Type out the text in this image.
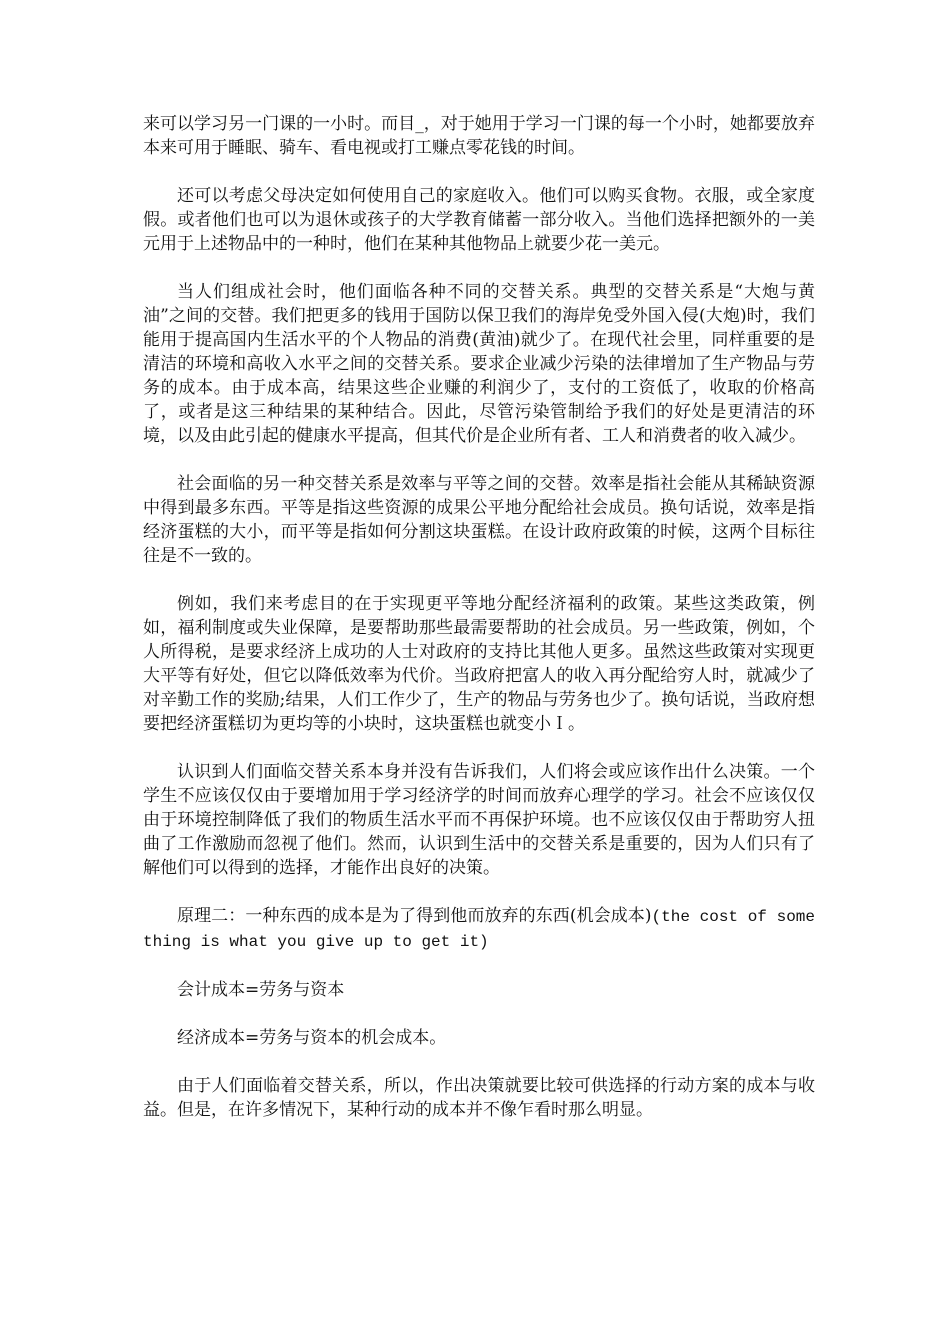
来可以学习另一门课的一小时。而目_，对于她用于学习一门课的每一个小时，她都要放弃本来可用于睡眠、骑车、看电视或打工赚点零花钱的时间。

还可以考虑父母决定如何使用自己的家庭收入。他们可以购买食物。衣服，或全家度假。或者他们也可以为退休或孩子的大学教育储蓄一部分收入。当他们选择把额外的一美元用于上述物品中的一种时，他们在某种其他物品上就要少花一美元。

当人们组成社会时，他们面临各种不同的交替关系。典型的交替关系是“大炮与黄油”之间的交替。我们把更多的钱用于国防以保卫我们的海岸免受外国入侵(大炮)时，我们能用于提高国内生活水平的个人物品的消费(黄油)就少了。在现代社会里，同样重要的是清洁的环境和高收入水平之间的交替关系。要求企业减少污染的法律增加了生产物品与劳务的成本。由于成本高，结果这些企业赚的利润少了，支付的工资低了，收取的价格高了，或者是这三种结果的某种结合。因此，尽管污染管制给予我们的好处是更清洁的环境，以及由此引起的健康水平提高，但其代价是企业所有者、工人和消费者的收入减少。

社会面临的另一种交替关系是效率与平等之间的交替。效率是指社会能从其稀缺资源中得到最多东西。平等是指这些资源的成果公平地分配给社会成员。换句话说，效率是指经济蛋糕的大小，而平等是指如何分割这块蛋糕。在设计政府政策的时候，这两个目标往往是不一致的。

例如，我们来考虑目的在于实现更平等地分配经济福利的政策。某些这类政策，例如，福利制度或失业保障，是要帮助那些最需要帮助的社会成员。另一些政策，例如，个人所得税，是要求经济上成功的人士对政府的支持比其他人更多。虽然这些政策对实现更大平等有好处，但它以降低效率为代价。当政府把富人的收入再分配给穷人时，就减少了对辛勤工作的奖励;结果，人们工作少了，生产的物品与劳务也少了。换句话说，当政府想要把经济蛋糕切为更均等的小块时，这块蛋糕也就变小Ｉ。

认识到人们面临交替关系本身并没有告诉我们，人们将会或应该作出什么决策。一个学生不应该仅仅由于要增加用于学习经济学的时间而放弃心理学的学习。社会不应该仅仅由于环境控制降低了我们的物质生活水平而不再保护环境。也不应该仅仅由于帮助穷人扭曲了工作激励而忽视了他们。然而，认识到生活中的交替关系是重要的，因为人们只有了解他们可以得到的选择，才能作出良好的决策。

原理二：一种东西的成本是为了得到他而放弃的东西(机会成本)(the cost of something is what you give up to get it)

会计成本=劳务与资本

经济成本=劳务与资本的机会成本。

由于人们面临着交替关系，所以，作出决策就要比较可供选择的行动方案的成本与收益。但是，在许多情况下，某种行动的成本并不像乍看时那么明显。
